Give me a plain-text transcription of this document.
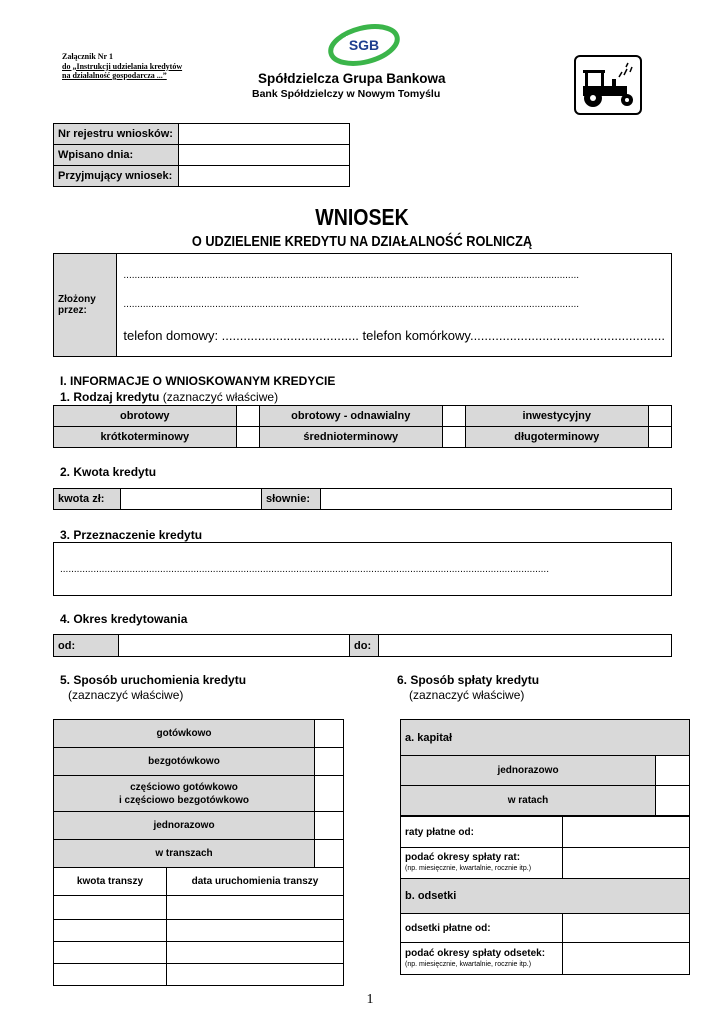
Załącznik Nr 1
do „Instrukcji udzielania kredytów
na działalność gospodarcza ...”
SGB
Spółdzielcza Grupa Bankowa
Bank Spółdzielczy w Nowym Tomyślu
Nr rejestru wniosków:	
Wpisano dnia:	
Przyjmujący wniosek:	
WNIOSEK
O UDZIELENIE KREDYTU NA DZIAŁALNOŚĆ ROLNICZĄ
Złożony przez:	
....................................................................................................................................................................
....................................................................................................................................................................
telefon domowy: ...................................... telefon komórkowy......................................................
I. INFORMACJE O WNIOSKOWANYM KREDYCIE
1. Rodzaj kredytu (zaznaczyć właściwe)
obrotowy		obrotowy - odnawialny		inwestycyjny	
krótkoterminowy		średnioterminowy		długoterminowy	
2. Kwota kredytu
kwota zł:		słownie:	
3. Przeznaczenie kredytu
................................................................................................................................................................................
4. Okres kredytowania
od:		do:	
5. Sposób uruchomienia kredytu
(zaznaczyć właściwe)
gotówkowo		
bezgotówkowo		

częściowo gotówkowo
i częściowo bezgotówkowo		

jednorazowo		
w transzach		
kwota transzy	data uruchomienia transzy	

6. Sposób spłaty kredytu
(zaznaczyć właściwe)
a. kapitał	
jednorazowo	
w ratach	
raty płatne od:	

podać okresy spłaty rat:
(np. miesięcznie, kwartalnie, rocznie itp.)	

b. odsetki	
odsetki płatne od:	

podać okresy spłaty odsetek:
(np. miesięcznie, kwartalnie, rocznie itp.)	

1
